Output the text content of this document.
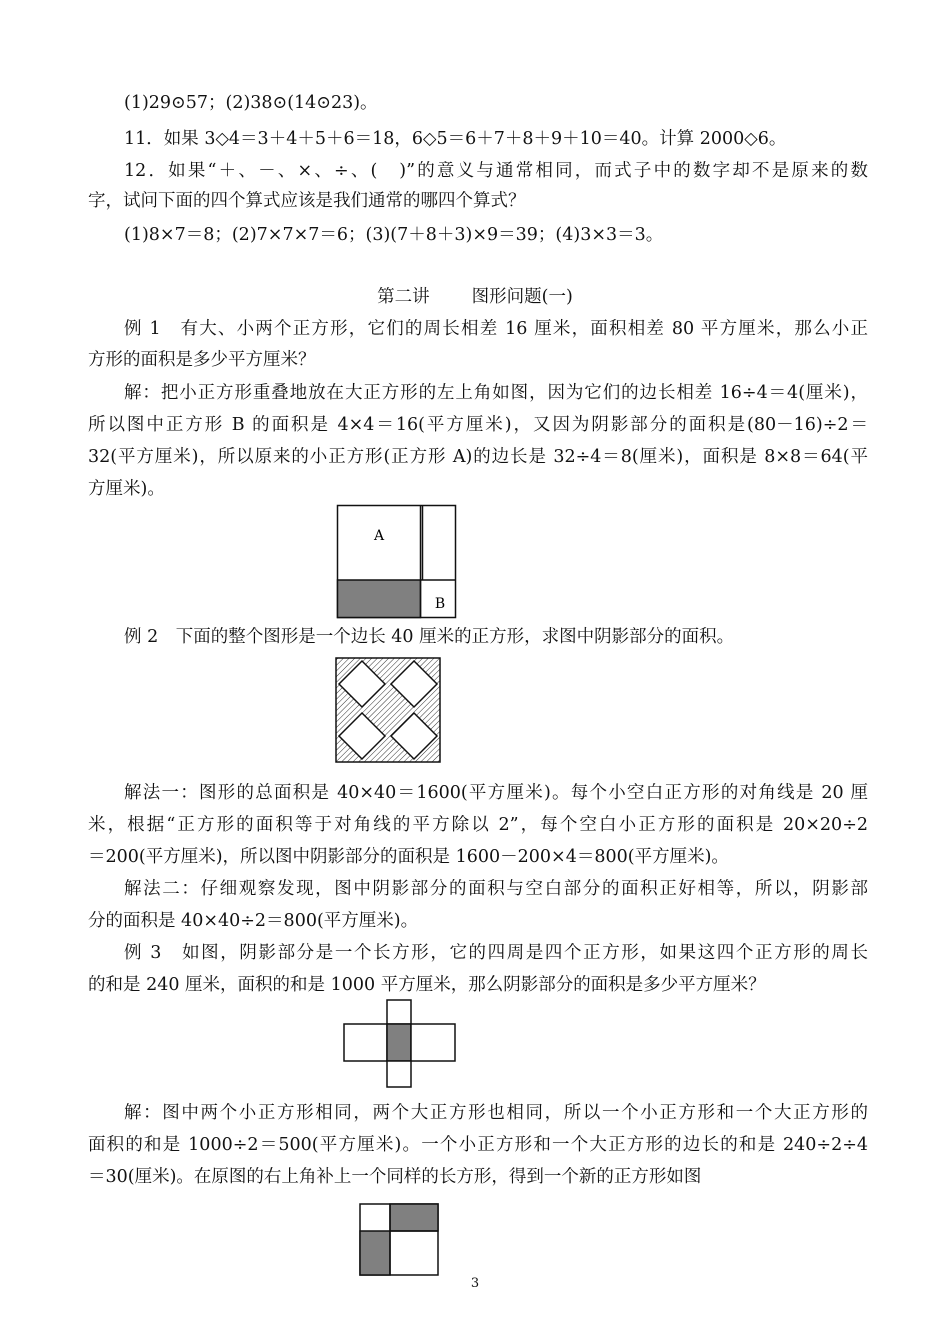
(1)29⊙57；(2)38⊙(14⊙23)。
11．如果 3◇4＝3＋4＋5＋6＝18，6◇5＝6＋7＋8＋9＋10＝40。计算 2000◇6。
12．如果“＋、－、×、÷、(　)”的意义与通常相同，而式子中的数字却不是原来的数
字，试问下面的四个算式应该是我们通常的哪四个算式？
(1)8×7＝8；(2)7×7×7＝6；(3)(7＋8＋3)×9＝39；(4)3×3＝3。
第二讲 图形问题(一)
例 1　有大、小两个正方形，它们的周长相差 16 厘米，面积相差 80 平方厘米，那么小正
方形的面积是多少平方厘米？
解：把小正方形重叠地放在大正方形的左上角如图，因为它们的边长相差 16÷4＝4(厘米)，
所以图中正方形 B 的面积是 4×4＝16(平方厘米)，又因为阴影部分的面积是(80－16)÷2＝
32(平方厘米)，所以原来的小正方形(正方形 A)的边长是 32÷4＝8(厘米)，面积是 8×8＝64(平
方厘米)。
A
B
例 2　下面的整个图形是一个边长 40 厘米的正方形，求图中阴影部分的面积。
解法一：图形的总面积是 40×40＝1600(平方厘米)。每个小空白正方形的对角线是 20 厘
米，根据“正方形的面积等于对角线的平方除以 2”，每个空白小正方形的面积是 20×20÷2
＝200(平方厘米)，所以图中阴影部分的面积是 1600－200×4＝800(平方厘米)。
解法二：仔细观察发现，图中阴影部分的面积与空白部分的面积正好相等，所以，阴影部
分的面积是 40×40÷2＝800(平方厘米)。
例 3　如图，阴影部分是一个长方形，它的四周是四个正方形，如果这四个正方形的周长
的和是 240 厘米，面积的和是 1000 平方厘米，那么阴影部分的面积是多少平方厘米？
解：图中两个小正方形相同，两个大正方形也相同，所以一个小正方形和一个大正方形的
面积的和是 1000÷2＝500(平方厘米)。一个小正方形和一个大正方形的边长的和是 240÷2÷4
＝30(厘米)。在原图的右上角补上一个同样的长方形，得到一个新的正方形如图
3
